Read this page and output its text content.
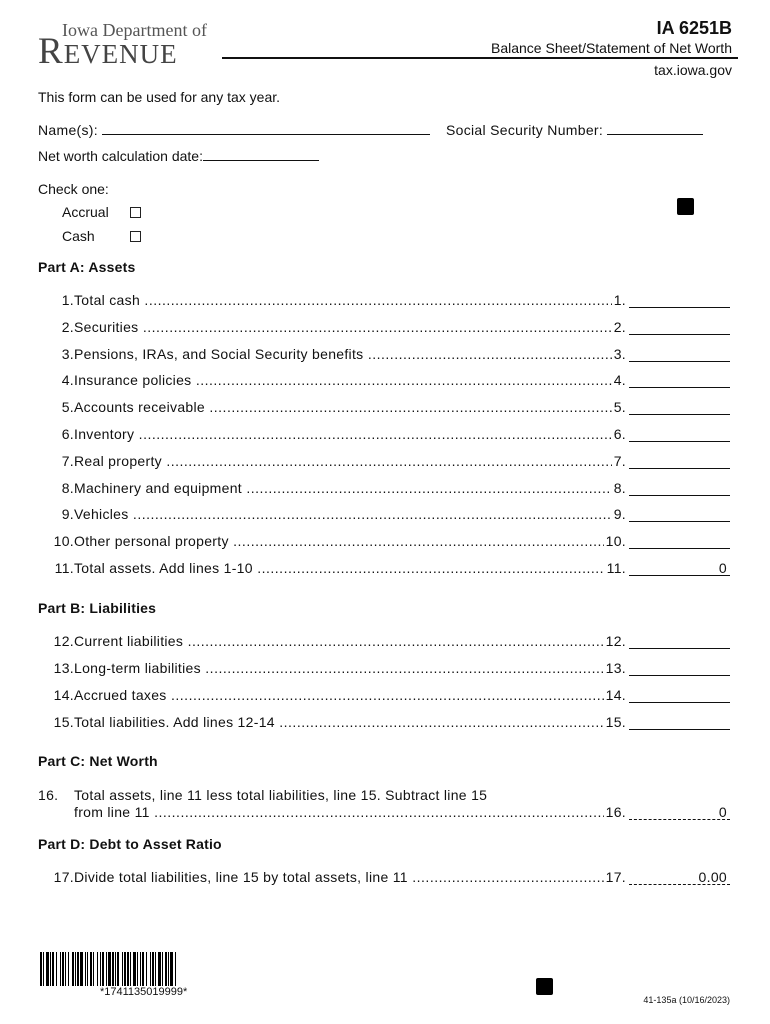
Iowa Department of
REVENUE
IA 6251B
Balance Sheet/Statement of Net Worth
tax.iowa.gov
This form can be used for any tax year.
Name(s):	Social Security Number:
Net worth calculation date:
Check one:
Accrual
Cash
Part A: Assets
1. Total cash .....	1.
2. Securities .....	2.
3. Pensions, IRAs, and Social Security benefits .....	3.
4. Insurance policies .....	4.
5. Accounts receivable .....	5.
6. Inventory .....	6.
7. Real property .....	7.
8. Machinery and equipment .....	8.
9. Vehicles .....	9.
10. Other personal property .....	10.
11. Total assets. Add lines 1-10 .....	11.	0
Part B: Liabilities
12. Current liabilities .....	12.
13. Long-term liabilities .....	13.
14. Accrued taxes .....	14.
15. Total liabilities. Add lines 12-14 .....	15.
Part C: Net Worth
16. Total assets, line 11 less total liabilities, line 15. Subtract line 15
from line 11 .....	16.	0
Part D: Debt to Asset Ratio
17. Divide total liabilities, line 15 by total assets, line 11 .....	17.	0.00
*1741135019999*
41-135a (10/16/2023)
